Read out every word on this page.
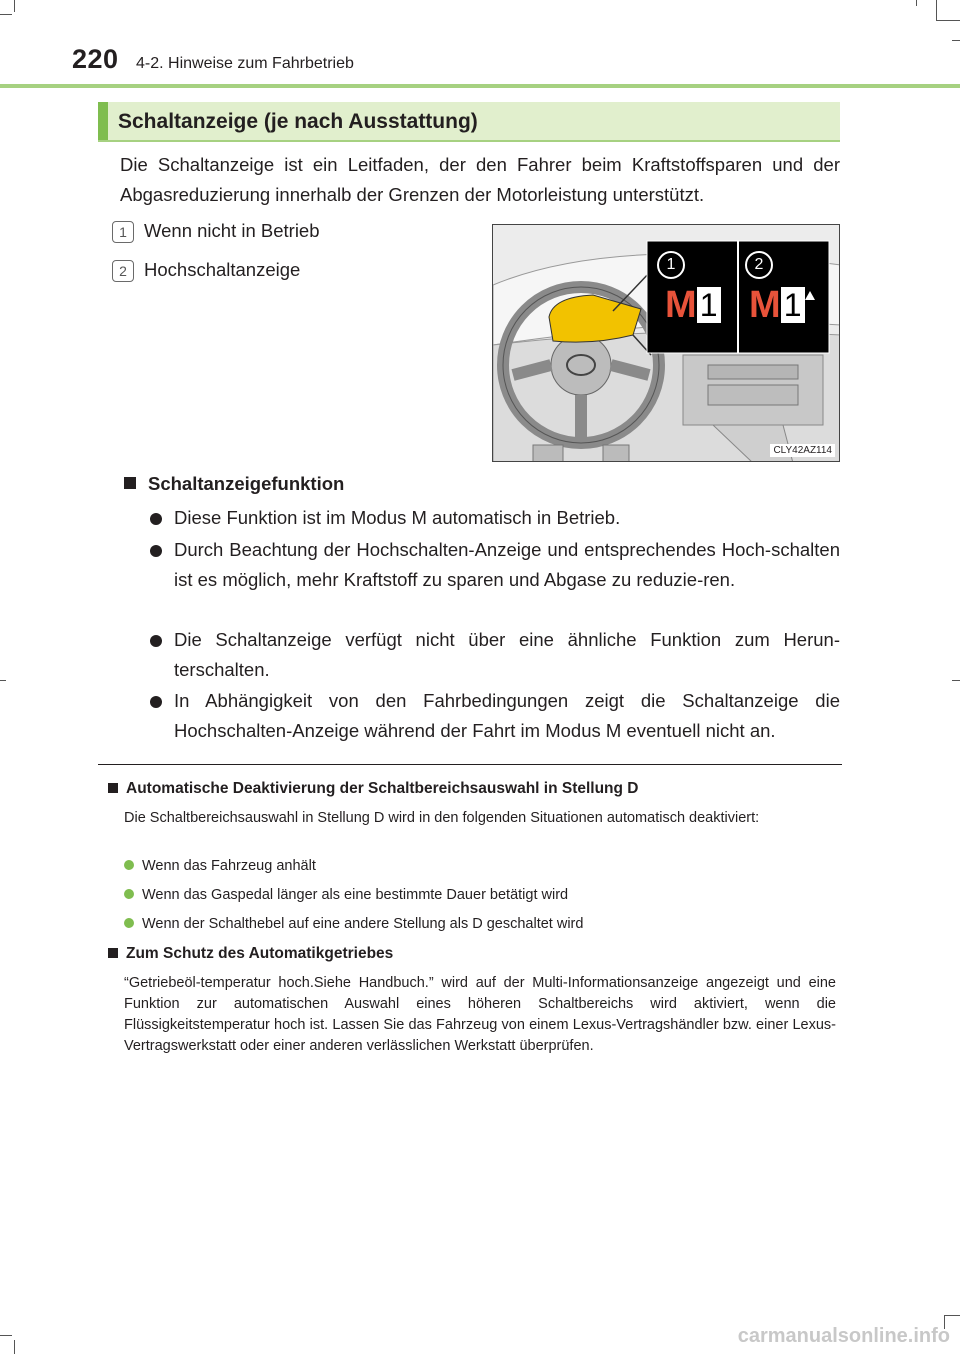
220 4-2. Hinweise zum Fahrbetrieb
Schaltanzeige (je nach Ausstattung)
Die Schaltanzeige ist ein Leitfaden, der den Fahrer beim Kraftstoffsparen und der Abgasreduzierung innerhalb der Grenzen der Motorleistung unterstützt.
1 Wenn nicht in Betrieb
2 Hochschaltanzeige	1	2
M1 M1
CLY42AZ114
Schaltanzeigefunktion
Diese Funktion ist im Modus M automatisch in Betrieb.
Durch Beachtung der Hochschalten-Anzeige und entsprechendes Hoch-schalten ist es möglich, mehr Kraftstoff zu sparen und Abgase zu reduzie-ren.
Die Schaltanzeige verfügt nicht über eine ähnliche Funktion zum Herun-terschalten.
In Abhängigkeit von den Fahrbedingungen zeigt die Schaltanzeige die Hochschalten-Anzeige während der Fahrt im Modus M eventuell nicht an.
Automatische Deaktivierung der Schaltbereichsauswahl in Stellung D
Die Schaltbereichsauswahl in Stellung D wird in den folgenden Situationen automatisch deaktiviert:
Wenn das Fahrzeug anhält
Wenn das Gaspedal länger als eine bestimmte Dauer betätigt wird
Wenn der Schalthebel auf eine andere Stellung als D geschaltet wird
Zum Schutz des Automatikgetriebes
“Getriebeöl-temperatur hoch.Siehe Handbuch.” wird auf der Multi-Informationsanzeige angezeigt und eine Funktion zur automatischen Auswahl eines höheren Schaltbereichs wird aktiviert, wenn die Flüssigkeitstemperatur hoch ist. Lassen Sie das Fahrzeug von einem Lexus-Vertragshändler bzw. einer Lexus-Vertragswerkstatt oder einer anderen verlässlichen Werkstatt überprüfen.
carmanualsonline.info
